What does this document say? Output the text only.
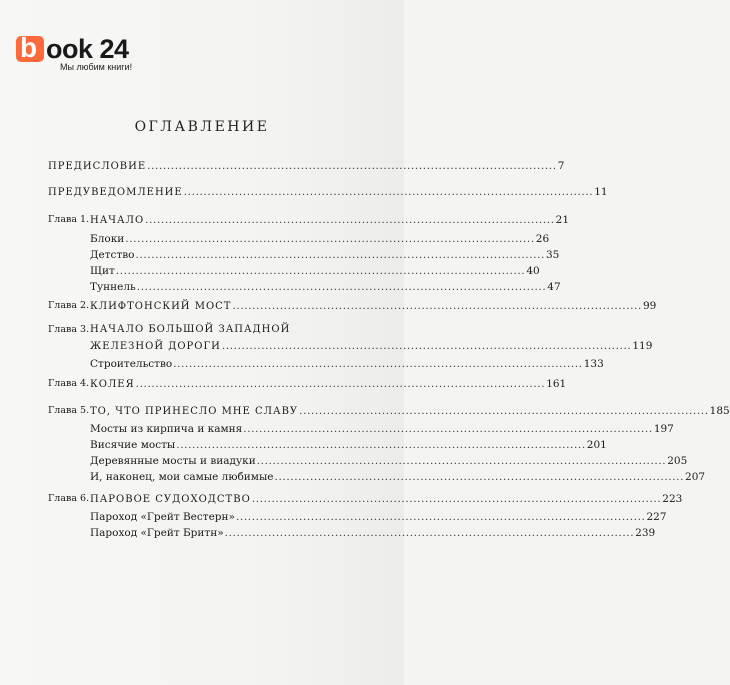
b ook 24
Мы любим книги!
ОГЛАВЛЕНИЕ
ПРЕДИСЛОВИЕ ........................................................................................................ 7
ПРЕДУВЕДОМЛЕНИЕ ........................................................................................................ 11
Глава 1. НАЧАЛО ........................................................................................................ 21
Блоки ........................................................................................................ 26
Детство ........................................................................................................ 35
Щит ........................................................................................................ 40
Туннель ........................................................................................................ 47
Глава 2. КЛИФТОНСКИЙ МОСТ ........................................................................................................ 99
Глава 3. НАЧАЛО БОЛЬШОЙ ЗАПАДНОЙ
ЖЕЛЕЗНОЙ ДОРОГИ ........................................................................................................ 119
Строительство ........................................................................................................ 133
Глава 4. КОЛЕЯ ........................................................................................................ 161
Глава 5. ТО, ЧТО ПРИНЕСЛО МНЕ СЛАВУ ........................................................................................................ 185
Мосты из кирпича и камня ........................................................................................................ 197
Висячие мосты ........................................................................................................ 201
Деревянные мосты и виадуки ........................................................................................................ 205
И, наконец, мои самые любимые ........................................................................................................ 207
Глава 6. ПАРОВОЕ СУДОХОДСТВО ........................................................................................................ 223
Пароход «Грейт Вестерн» ........................................................................................................ 227
Пароход «Грейт Бритн» ........................................................................................................ 239
